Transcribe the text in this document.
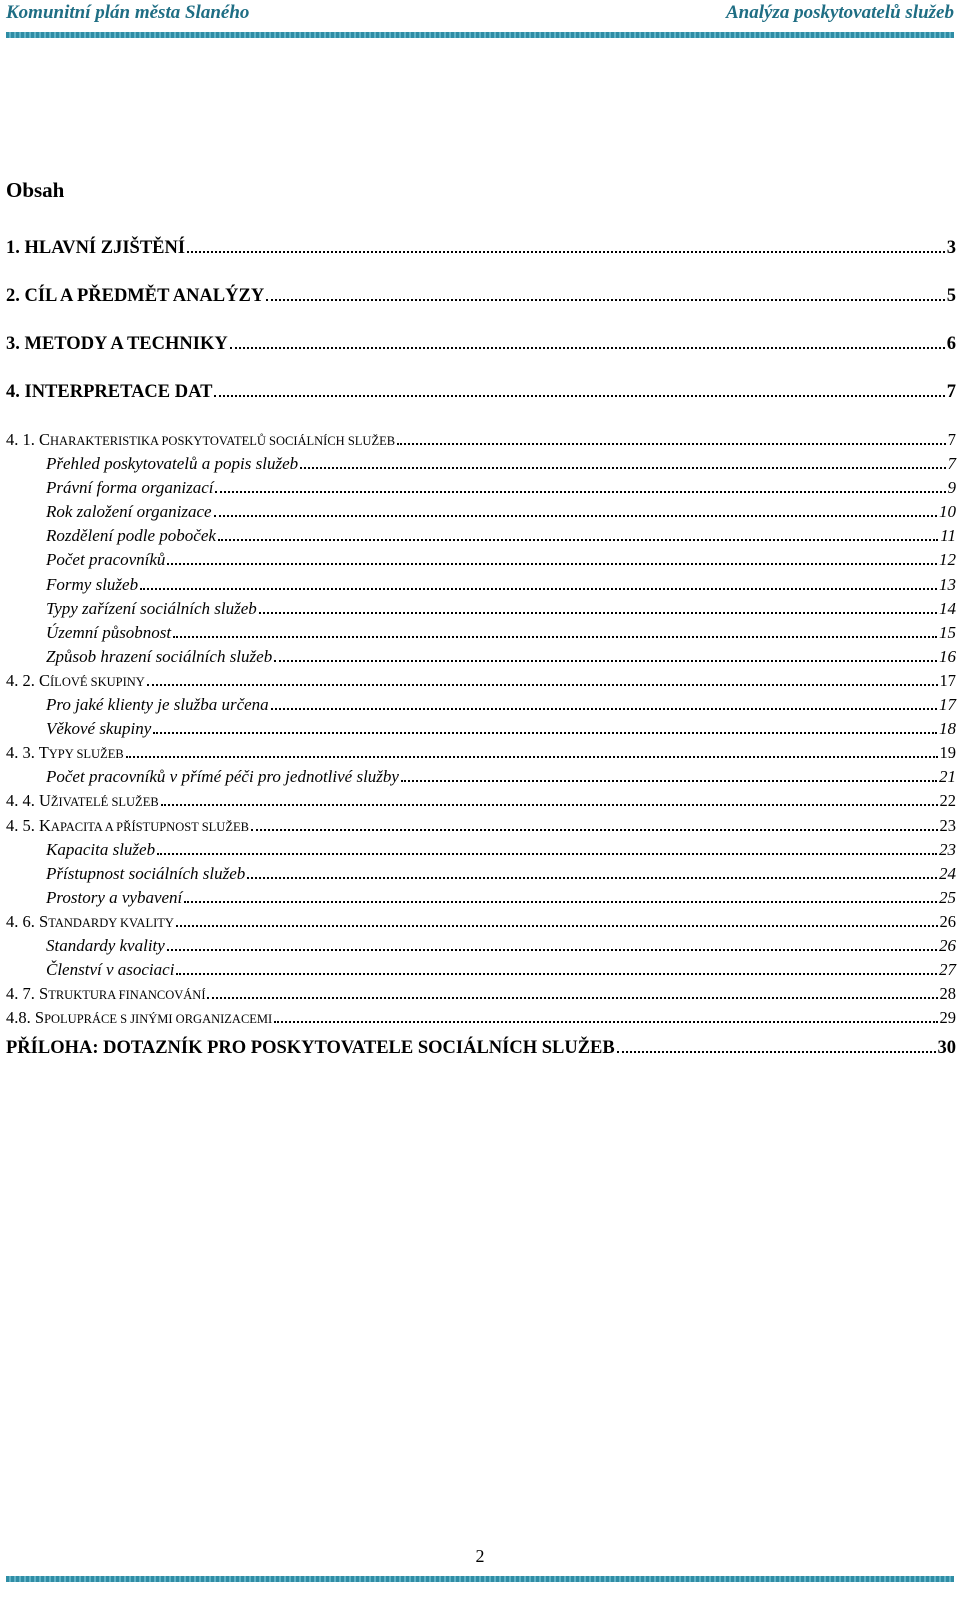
Komunitní plán města Slaného	Analýza poskytovatelů služeb
Obsah
1. HLAVNÍ ZJIŠTĚNÍ	3
2. CÍL A PŘEDMĚT ANALÝZY	5
3. METODY A TECHNIKY	6
4. INTERPRETACE DAT	7
4. 1. CHARAKTERISTIKA POSKYTOVATELŮ SOCIÁLNÍCH SLUŽEB	7
Přehled poskytovatelů a popis služeb	7
Právní forma organizací	9
Rok založení organizace	10
Rozdělení podle poboček	11
Počet pracovníků	12
Formy služeb	13
Typy zařízení sociálních služeb	14
Územní působnost	15
Způsob hrazení sociálních služeb	16
4. 2. CÍLOVÉ SKUPINY	17
Pro jaké klienty je služba určena	17
Věkové skupiny	18
4. 3. TYPY SLUŽEB	19
Počet pracovníků v přímé péči pro jednotlivé služby	21
4. 4. UŽIVATELÉ SLUŽEB	22
4. 5. KAPACITA A PŘÍSTUPNOST SLUŽEB	23
Kapacita služeb	23
Přístupnost sociálních služeb	24
Prostory a vybavení	25
4. 6. STANDARDY KVALITY	26
Standardy kvality	26
Členství v asociaci	27
4. 7. STRUKTURA FINANCOVÁNÍ	28
4.8. SPOLUPRÁCE S JINÝMI ORGANIZACEMI	29
PŘÍLOHA: DOTAZNÍK PRO POSKYTOVATELE SOCIÁLNÍCH SLUŽEB	30
2
